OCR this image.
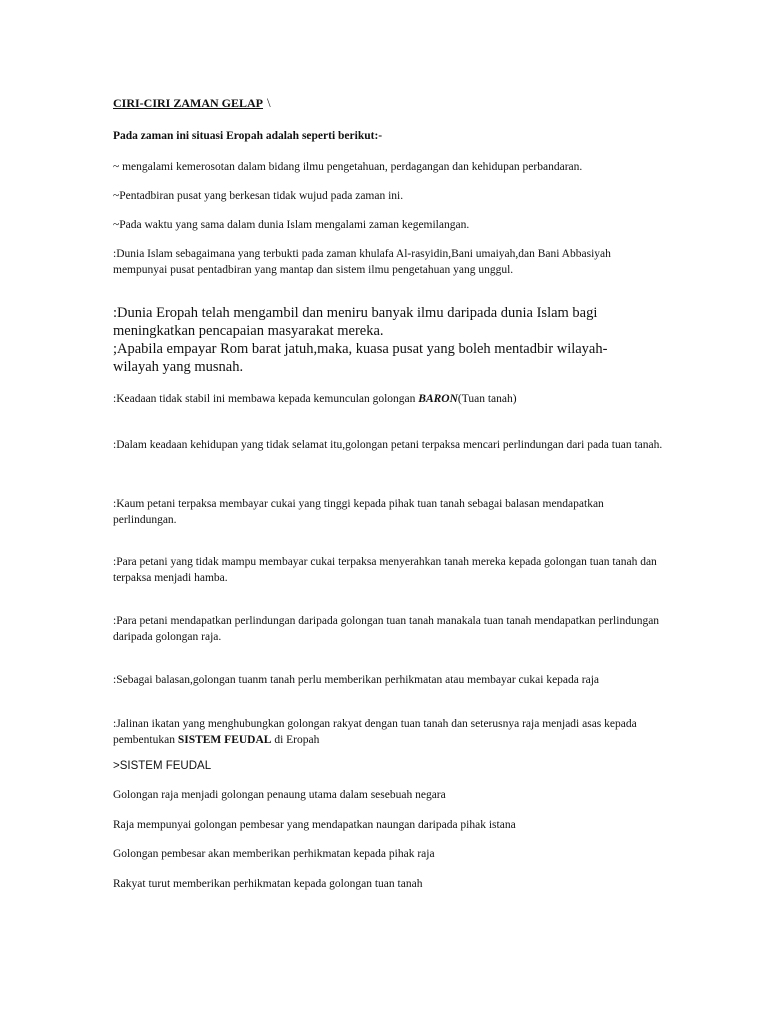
CIRI-CIRI ZAMAN GELAP \
Pada zaman ini situasi Eropah adalah seperti berikut:-
~ mengalami kemerosotan dalam bidang ilmu pengetahuan, perdagangan dan kehidupan perbandaran.
~Pentadbiran pusat yang berkesan tidak wujud pada zaman ini.
~Pada waktu yang sama dalam dunia Islam mengalami zaman kegemilangan.
:Dunia Islam sebagaimana yang terbukti pada zaman khulafa Al-rasyidin,Bani umaiyah,dan Bani Abbasiyah mempunyai pusat pentadbiran yang mantap dan sistem ilmu pengetahuan yang unggul.
:Dunia Eropah telah mengambil dan meniru banyak ilmu daripada dunia Islam bagi meningkatkan pencapaian masyarakat mereka.
;Apabila empayar Rom barat jatuh,maka, kuasa pusat yang boleh mentadbir wilayah-wilayah yang musnah.
:Keadaan tidak stabil ini membawa kepada kemunculan golongan BARON(Tuan tanah)
:Dalam keadaan kehidupan yang tidak selamat itu,golongan petani terpaksa mencari perlindungan dari pada tuan tanah.
:Kaum petani terpaksa membayar cukai yang tinggi kepada pihak tuan tanah sebagai balasan mendapatkan perlindungan.
:Para petani yang tidak mampu membayar cukai terpaksa menyerahkan tanah mereka kepada golongan tuan tanah dan terpaksa menjadi hamba.
:Para petani mendapatkan perlindungan daripada golongan tuan tanah manakala tuan tanah mendapatkan perlindungan daripada golongan raja.
:Sebagai balasan,golongan tuanm tanah perlu memberikan perhikmatan atau membayar cukai kepada raja
:Jalinan ikatan yang menghubungkan golongan rakyat dengan tuan tanah dan seterusnya raja menjadi asas kepada pembentukan SISTEM FEUDAL di Eropah
>SISTEM FEUDAL
Golongan raja menjadi golongan penaung utama dalam sesebuah negara
Raja mempunyai golongan pembesar yang mendapatkan naungan daripada pihak istana
Golongan pembesar akan memberikan perhikmatan kepada pihak raja
Rakyat turut memberikan perhikmatan kepada golongan tuan tanah
